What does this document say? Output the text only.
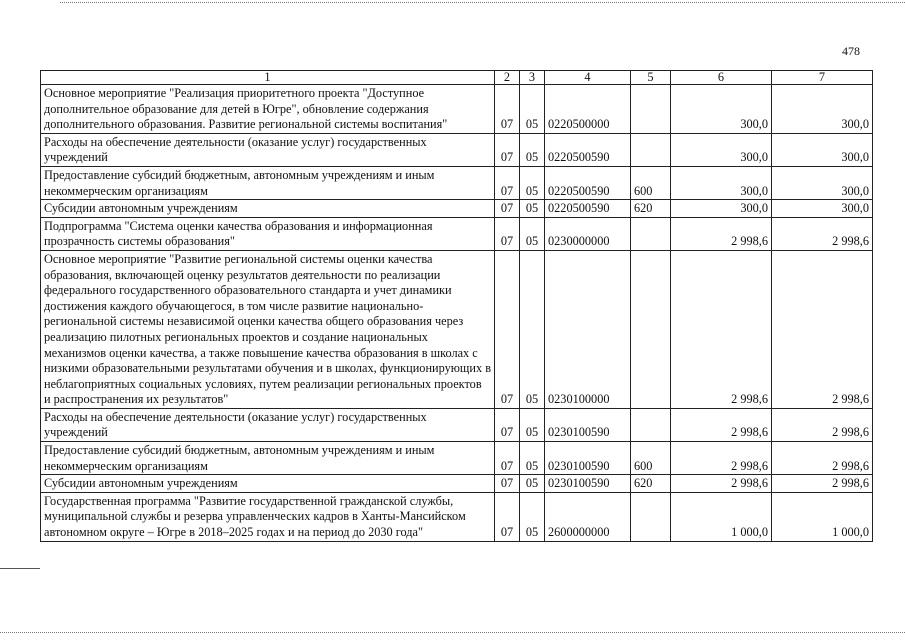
478
1	2	3	4	5	6	7
Основное мероприятие "Реализация приоритетного проекта "Доступное дополнительное образование для детей в Югре", обновление содержания дополнительного образования. Развитие региональной системы воспитания"	07	05	0220500000		300,0	300,0
Расходы на обеспечение деятельности (оказание услуг) государственных учреждений	07	05	0220500590		300,0	300,0
Предоставление субсидий бюджетным, автономным учреждениям и иным некоммерческим организациям	07	05	0220500590	600	300,0	300,0
Субсидии автономным учреждениям	07	05	0220500590	620	300,0	300,0
Подпрограмма "Система оценки качества образования и информационная прозрачность системы образования"	07	05	0230000000		2 998,6	2 998,6
Основное мероприятие "Развитие региональной системы оценки качества образования, включающей оценку результатов деятельности по реализации федерального государственного образовательного стандарта и учет динамики достижения каждого обучающегося, в том числе развитие национально-региональной системы независимой оценки качества общего образования через реализацию пилотных региональных проектов и создание национальных механизмов оценки качества, а также повышение качества образования в школах с низкими образовательными результатами обучения и в школах, функционирующих в неблагоприятных социальных условиях, путем реализации региональных проектов и распространения их результатов"	07	05	0230100000		2 998,6	2 998,6
Расходы на обеспечение деятельности (оказание услуг) государственных учреждений	07	05	0230100590		2 998,6	2 998,6
Предоставление субсидий бюджетным, автономным учреждениям и иным некоммерческим организациям	07	05	0230100590	600	2 998,6	2 998,6
Субсидии автономным учреждениям	07	05	0230100590	620	2 998,6	2 998,6
Государственная программа "Развитие государственной гражданской службы, муниципальной службы и резерва управленческих кадров в Ханты-Мансийском автономном округе – Югре в 2018–2025 годах и на период до 2030 года"	07	05	2600000000		1 000,0	1 000,0
